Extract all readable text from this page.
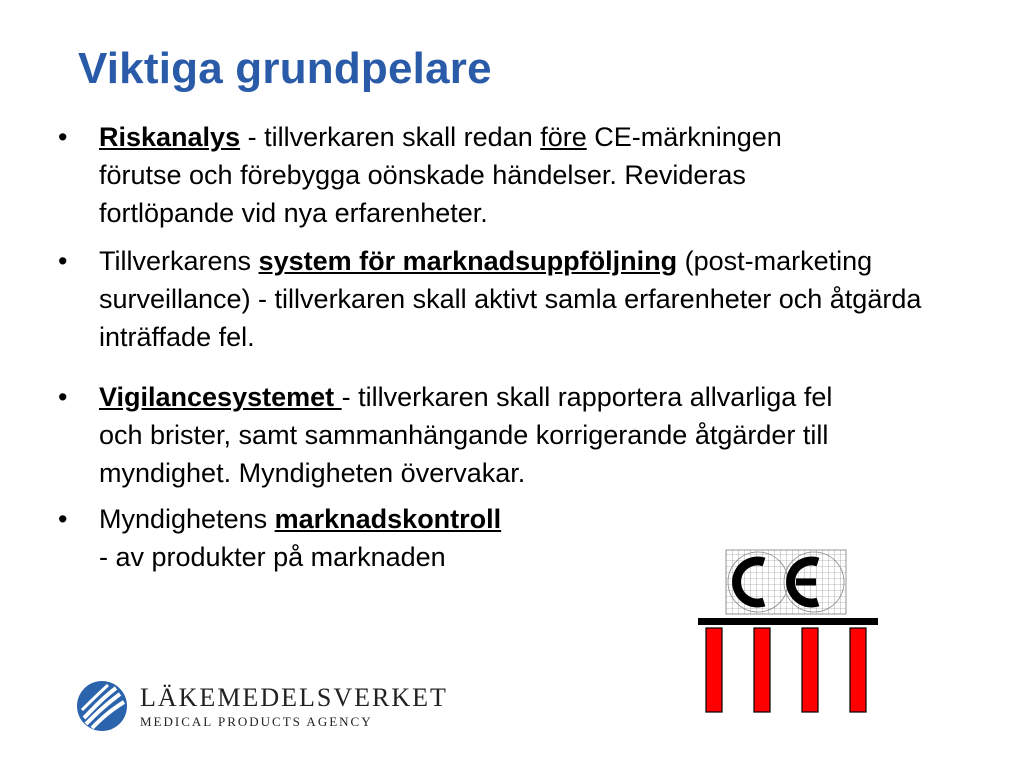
Viktiga grundpelare
•	Riskanalys - tillverkaren skall redan före CE-märkningen förutse och förebygga oönskade händelser. Revideras fortlöpande vid nya erfarenheter.
•	Tillverkarens system för marknadsuppföljning (post-marketing surveillance) - tillverkaren skall aktivt samla erfarenheter och åtgärda inträffade fel.
•	Vigilancesystemet - tillverkaren skall rapportera allvarliga fel och brister, samt sammanhängande korrigerande åtgärder till myndighet. Myndigheten övervakar.
•	Myndighetens marknadskontroll
- av produkter på marknaden
LÄKEMEDELSVERKET
MEDICAL PRODUCTS AGENCY
